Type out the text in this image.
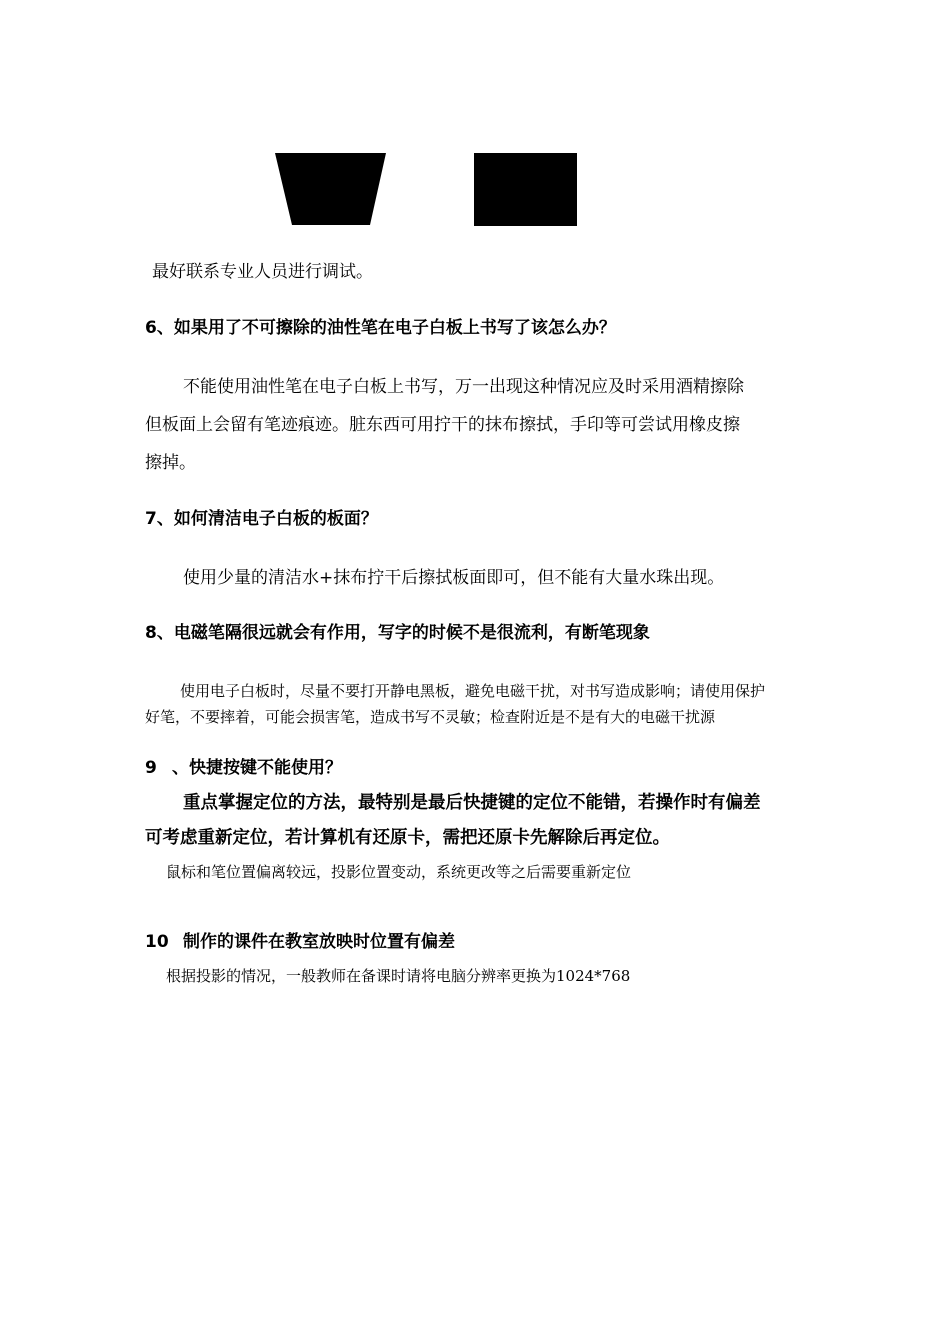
最好联系专业人员进行调试。
6、如果用了不可擦除的油性笔在电子白板上书写了该怎么办？
不能使用油性笔在电子白板上书写，万一出现这种情况应及时采用酒精擦除
但板面上会留有笔迹痕迹。脏东西可用拧干的抹布擦拭，手印等可尝试用橡皮擦
擦掉。
7、如何清洁电子白板的板面？
使用少量的清洁水+抹布拧干后擦拭板面即可，但不能有大量水珠出现。
8、电磁笔隔很远就会有作用，写字的时候不是很流利，有断笔现象
使用电子白板时，尽量不要打开静电黑板，避免电磁干扰，对书写造成影响；请使用保护
好笔，不要摔着，可能会损害笔，造成书写不灵敏；检查附近是不是有大的电磁干扰源
9 、快捷按键不能使用？
重点掌握定位的方法，最特别是最后快捷键的定位不能错，若操作时有偏差
可考虑重新定位，若计算机有还原卡，需把还原卡先解除后再定位。
鼠标和笔位置偏离较远，投影位置变动，系统更改等之后需要重新定位
10 制作的课件在教室放映时位置有偏差
根据投影的情况，一般教师在备课时请将电脑分辨率更换为1024*768
